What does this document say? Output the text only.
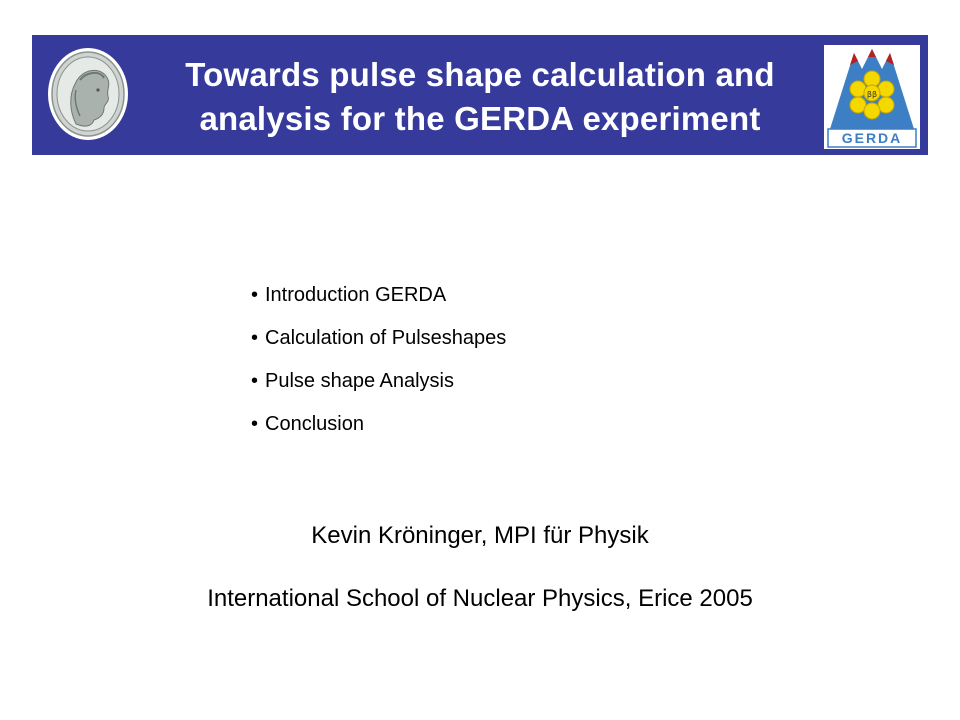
Towards pulse shape calculation and
analysis for the GERDA experiment
ββ
GERDA
• Introduction GERDA
• Calculation of Pulseshapes
• Pulse shape Analysis
• Conclusion
Kevin Kröninger, MPI für Physik
International School of Nuclear Physics, Erice 2005
